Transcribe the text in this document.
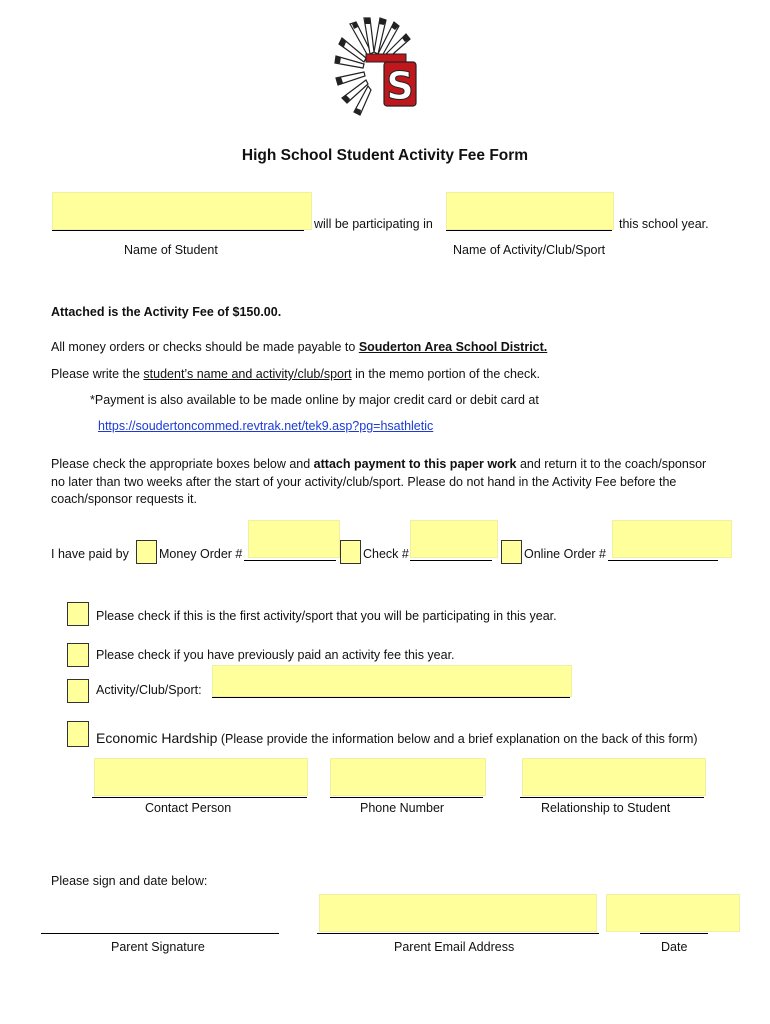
S
High School Student Activity Fee Form
will be participating in	this school year.
Name of Student	Name of Activity/Club/Sport
Attached is the Activity Fee of $150.00.
All money orders or checks should be made payable to Souderton Area School District.
Please write the student’s name and activity/club/sport in the memo portion of the check.
*Payment is also available to be made online by major credit card or debit card at
https://soudertoncommed.revtrak.net/tek9.asp?pg=hsathletic
Please check the appropriate boxes below and attach payment to this paper work and return it to the coach/sponsor
no later than two weeks after the start of your activity/club/sport. Please do not hand in the Activity Fee before the
coach/sponsor requests it.
I have paid by Money Order #	Check #	Online Order #
Please check if this is the first activity/sport that you will be participating in this year.
Please check if you have previously paid an activity fee this year.
Activity/Club/Sport:
Economic Hardship (Please provide the information below and a brief explanation on the back of this form)
Contact Person	Phone Number	Relationship to Student
Please sign and date below:
Parent Signature	Parent Email Address	Date
